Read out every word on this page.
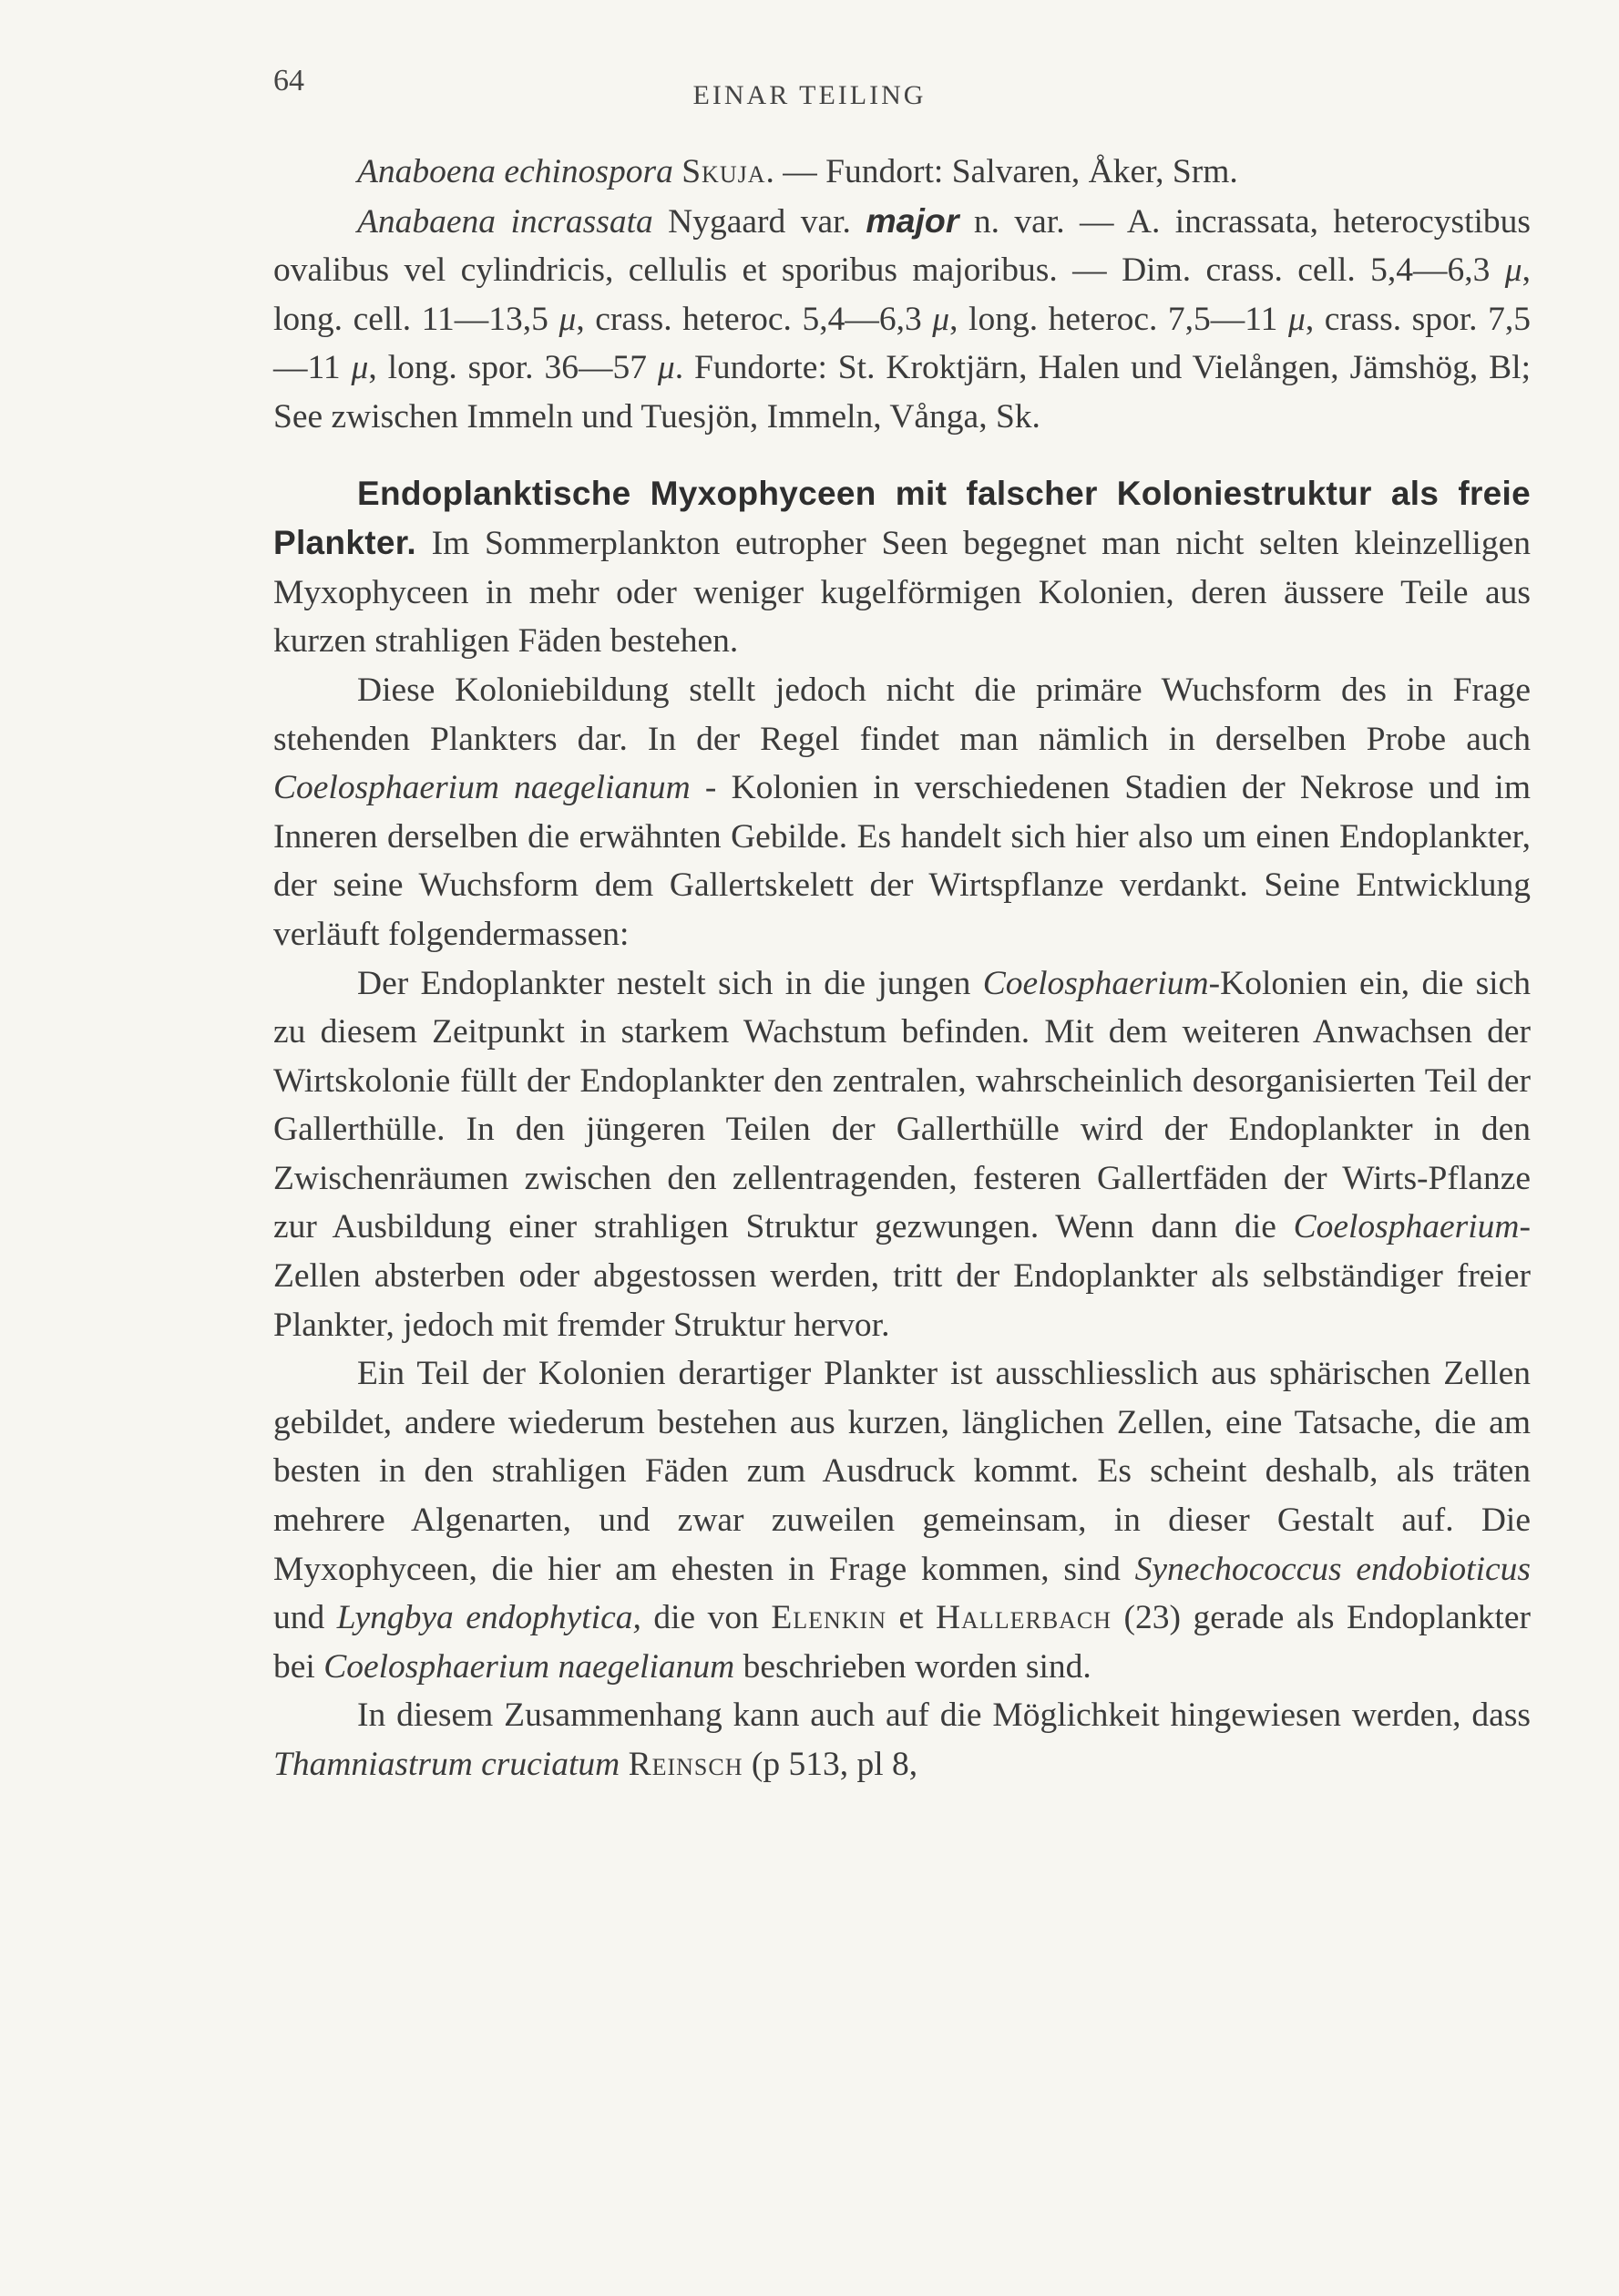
64	EINAR TEILING

Anaboena echinospora Skuja. — Fundort: Salvaren, Åker, Srm.

Anabaena incrassata Nygaard var. major n. var. — A. incrassata, heterocystibus ovalibus vel cylindricis, cellulis et sporibus majoribus. — Dim. crass. cell. 5,4—6,3 μ, long. cell. 11—13,5 μ, crass. heteroc. 5,4—6,3 μ, long. heteroc. 7,5—11 μ, crass. spor. 7,5—11 μ, long. spor. 36—57 μ. Fundorte: St. Kroktjärn, Halen und Vielången, Jämshög, Bl; See zwischen Immeln und Tuesjön, Immeln, Vånga, Sk.

Endoplanktische Myxophyceen mit falscher Koloniestruktur als freie Plankter. Im Sommerplankton eutropher Seen begegnet man nicht selten kleinzelligen Myxophyceen in mehr oder weniger kugelförmigen Kolonien, deren äussere Teile aus kurzen strahligen Fäden bestehen.

Diese Koloniebildung stellt jedoch nicht die primäre Wuchsform des in Frage stehenden Plankters dar. In der Regel findet man nämlich in derselben Probe auch Coelosphaerium naegelianum - Kolonien in verschiedenen Stadien der Nekrose und im Inneren derselben die erwähnten Gebilde. Es handelt sich hier also um einen Endoplankter, der seine Wuchsform dem Gallertskelett der Wirtspflanze verdankt. Seine Entwicklung verläuft folgendermassen:

Der Endoplankter nestelt sich in die jungen Coelosphaerium-Kolonien ein, die sich zu diesem Zeitpunkt in starkem Wachstum befinden. Mit dem weiteren Anwachsen der Wirtskolonie füllt der Endoplankter den zentralen, wahrscheinlich desorganisierten Teil der Gallerthülle. In den jüngeren Teilen der Gallerthülle wird der Endoplankter in den Zwischenräumen zwischen den zellentragenden, festeren Gallertfäden der Wirts-Pflanze zur Ausbildung einer strahligen Struktur gezwungen. Wenn dann die Coelosphaerium-Zellen absterben oder abgestossen werden, tritt der Endoplankter als selbständiger freier Plankter, jedoch mit fremder Struktur hervor.

Ein Teil der Kolonien derartiger Plankter ist ausschliesslich aus sphärischen Zellen gebildet, andere wiederum bestehen aus kurzen, länglichen Zellen, eine Tatsache, die am besten in den strahligen Fäden zum Ausdruck kommt. Es scheint deshalb, als träten mehrere Algenarten, und zwar zuweilen gemeinsam, in dieser Gestalt auf. Die Myxophyceen, die hier am ehesten in Frage kommen, sind Synechococcus endobioticus und Lyngbya endophytica, die von Elenkin et Hallerbach (23) gerade als Endoplankter bei Coelosphaerium naegelianum beschrieben worden sind.

In diesem Zusammenhang kann auch auf die Möglichkeit hingewiesen werden, dass Thamniastrum cruciatum Reinsch (p 513, pl 8,
